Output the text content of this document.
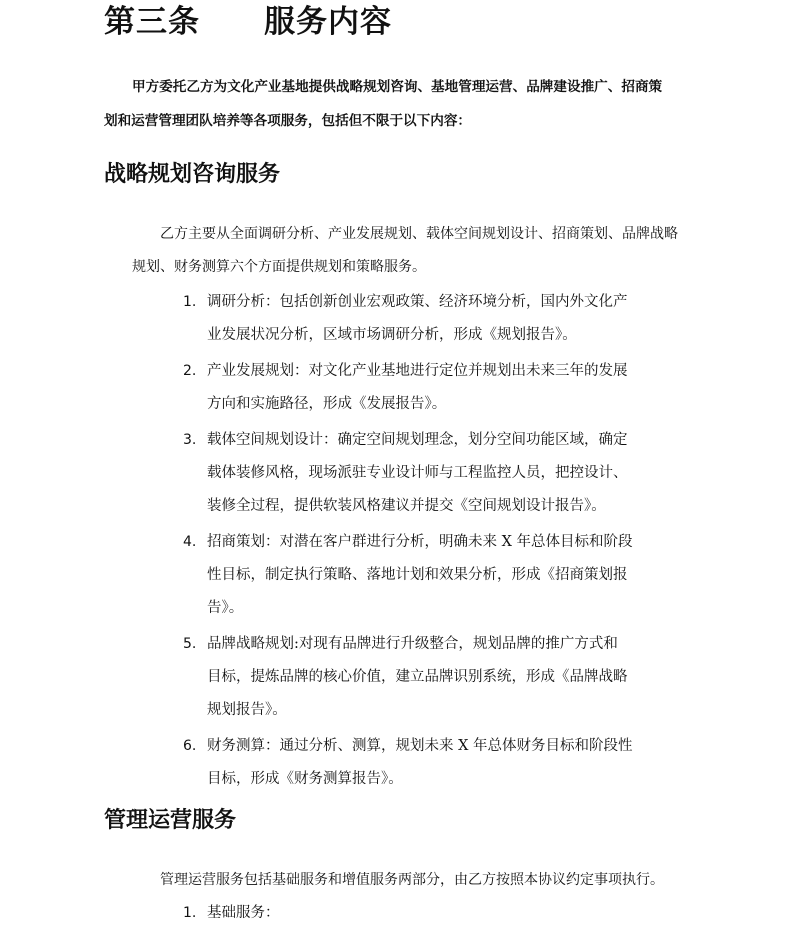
第三条　　服务内容
甲方委托乙方为文化产业基地提供战略规划咨询、基地管理运营、品牌建设推广、招商策
划和运营管理团队培养等各项服务，包括但不限于以下内容：
战略规划咨询服务
乙方主要从全面调研分析、产业发展规划、载体空间规划设计、招商策划、品牌战略
规划、财务测算六个方面提供规划和策略服务。
1. 调研分析：包括创新创业宏观政策、经济环境分析，国内外文化产
业发展状况分析，区域市场调研分析，形成《规划报告》。
2. 产业发展规划：对文化产业基地进行定位并规划出未来三年的发展
方向和实施路径，形成《发展报告》。
3. 载体空间规划设计：确定空间规划理念，划分空间功能区域，确定
载体装修风格，现场派驻专业设计师与工程监控人员，把控设计、
装修全过程，提供软装风格建议并提交《空间规划设计报告》。
4. 招商策划：对潜在客户群进行分析，明确未来 X 年总体目标和阶段
性目标，制定执行策略、落地计划和效果分析，形成《招商策划报
告》。
5. 品牌战略规划:对现有品牌进行升级整合，规划品牌的推广方式和
目标，提炼品牌的核心价值，建立品牌识别系统，形成《品牌战略
规划报告》。
6. 财务测算：通过分析、测算，规划未来 X 年总体财务目标和阶段性
目标，形成《财务测算报告》。
管理运营服务
管理运营服务包括基础服务和增值服务两部分，由乙方按照本协议约定事项执行。
1. 基础服务：
